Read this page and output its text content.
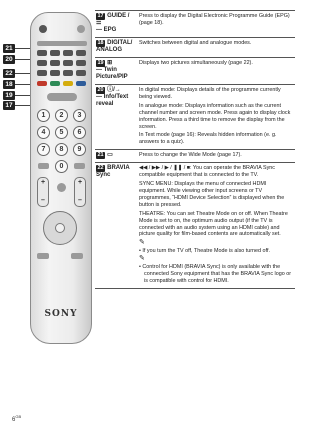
21
20
22
18
19
17
1	2	3
4	5	6
7	8	9
0
+

–
+

–
SONY
17 GUIDE / ☰
— EPG
Press to display the Digital Electronic Programme Guide (EPG) (page 18).
18 DIGITAL/
ANALOG
Switches between digital and analogue modes.
19 ⊞
— Twin Picture/PIP
Displays two pictures simultaneously (page 22).
20 ⓘ/→
— Info/Text reveal
In digital mode: Displays details of the programme currently being viewed.
In analogue mode: Displays information such as the current channel number and screen mode. Press again to display clock information. Press a third time to remove the display from the screen.
In Text mode (page 16): Reveals hidden information (e. g. answers to a quiz).
21 ▭	Press to change the Wide Mode (page 17).
22 BRAVIA
Sync
◀◀ / ▶▶ / ▶ / ❚❚ / ■: You can operate the BRAVIA Sync compatible equipment that is connected to the TV.
SYNC MENU: Displays the menu of connected HDMI equipment. While viewing other input screens or TV programmes, “HDMI Device Selection” is displayed when the button is pressed.
THEATRE: You can set Theatre Mode on or off. When Theatre Mode is set to on, the optimum audio output (if the TV is connected with an audio system using an HDMI cable) and picture quality for film-based contents are automatically set.
✎
• If you turn the TV off, Theatre Mode is also turned off.
✎
• Control for HDMI (BRAVIA Sync) is only available with the connected Sony equipment that has the BRAVIA Sync logo or is compatible with control for HDMI.
$6^{GB}$
